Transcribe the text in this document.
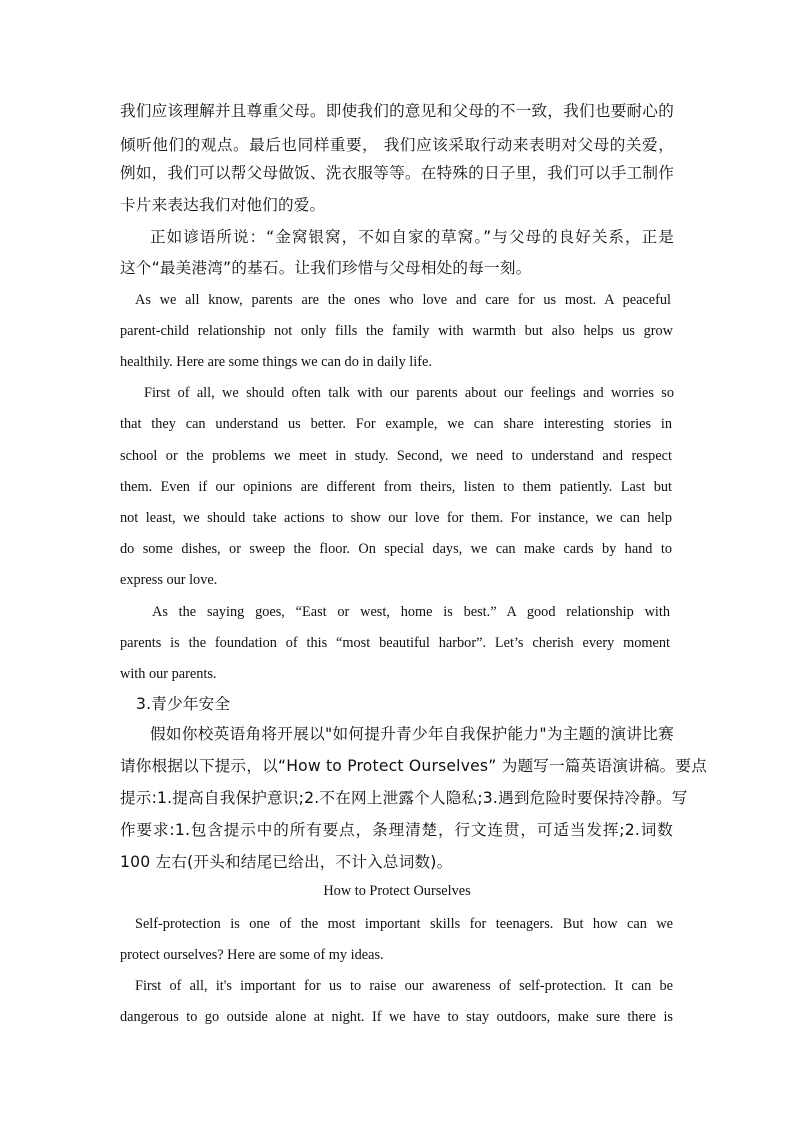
我们应该理解并且尊重父母。即使我们的意见和父母的不一致，我们也要耐心的
倾听他们的观点。最后也同样重要， 我们应该采取行动来表明对父母的关爱，
例如，我们可以帮父母做饭、洗衣服等等。在特殊的日子里，我们可以手工制作
卡片来表达我们对他们的爱。
正如谚语所说：“金窝银窝，不如自家的草窝。”与父母的良好关系，正是
这个“最美港湾”的基石。让我们珍惜与父母相处的每一刻。
As we all know, parents are the ones who love and care for us most. A peaceful
parent-child relationship not only fills the family with warmth but also helps us grow
healthily. Here are some things we can do in daily life.
First of all, we should often talk with our parents about our feelings and worries so
that they can understand us better. For example, we can share interesting stories in
school or the problems we meet in study. Second, we need to understand and respect
them. Even if our opinions are different from theirs, listen to them patiently. Last but
not least, we should take actions to show our love for them. For instance, we can help
do some dishes, or sweep the floor. On special days, we can make cards by hand to
express our love.
As the saying goes, “East or west, home is best.” A good relationship with
parents is the foundation of this “most beautiful harbor”. Let’s cherish every moment
with our parents.
3.青少年安全
假如你校英语角将开展以"如何提升青少年自我保护能力"为主题的演讲比赛
请你根据以下提示，以“How to Protect Ourselves” 为题写一篇英语演讲稿。要点
提示:1.提高自我保护意识;2.不在网上泄露个人隐私;3.遇到危险时要保持冷静。写
作要求:1.包含提示中的所有要点，条理清楚，行文连贯，可适当发挥;2.词数
100 左右(开头和结尾已给出，不计入总词数)。
How to Protect Ourselves
Self-protection is one of the most important skills for teenagers. But how can we
protect ourselves? Here are some of my ideas.
First of all, it's important for us to raise our awareness of self-protection. It can be
dangerous to go outside alone at night. If we have to stay outdoors, make sure there is
